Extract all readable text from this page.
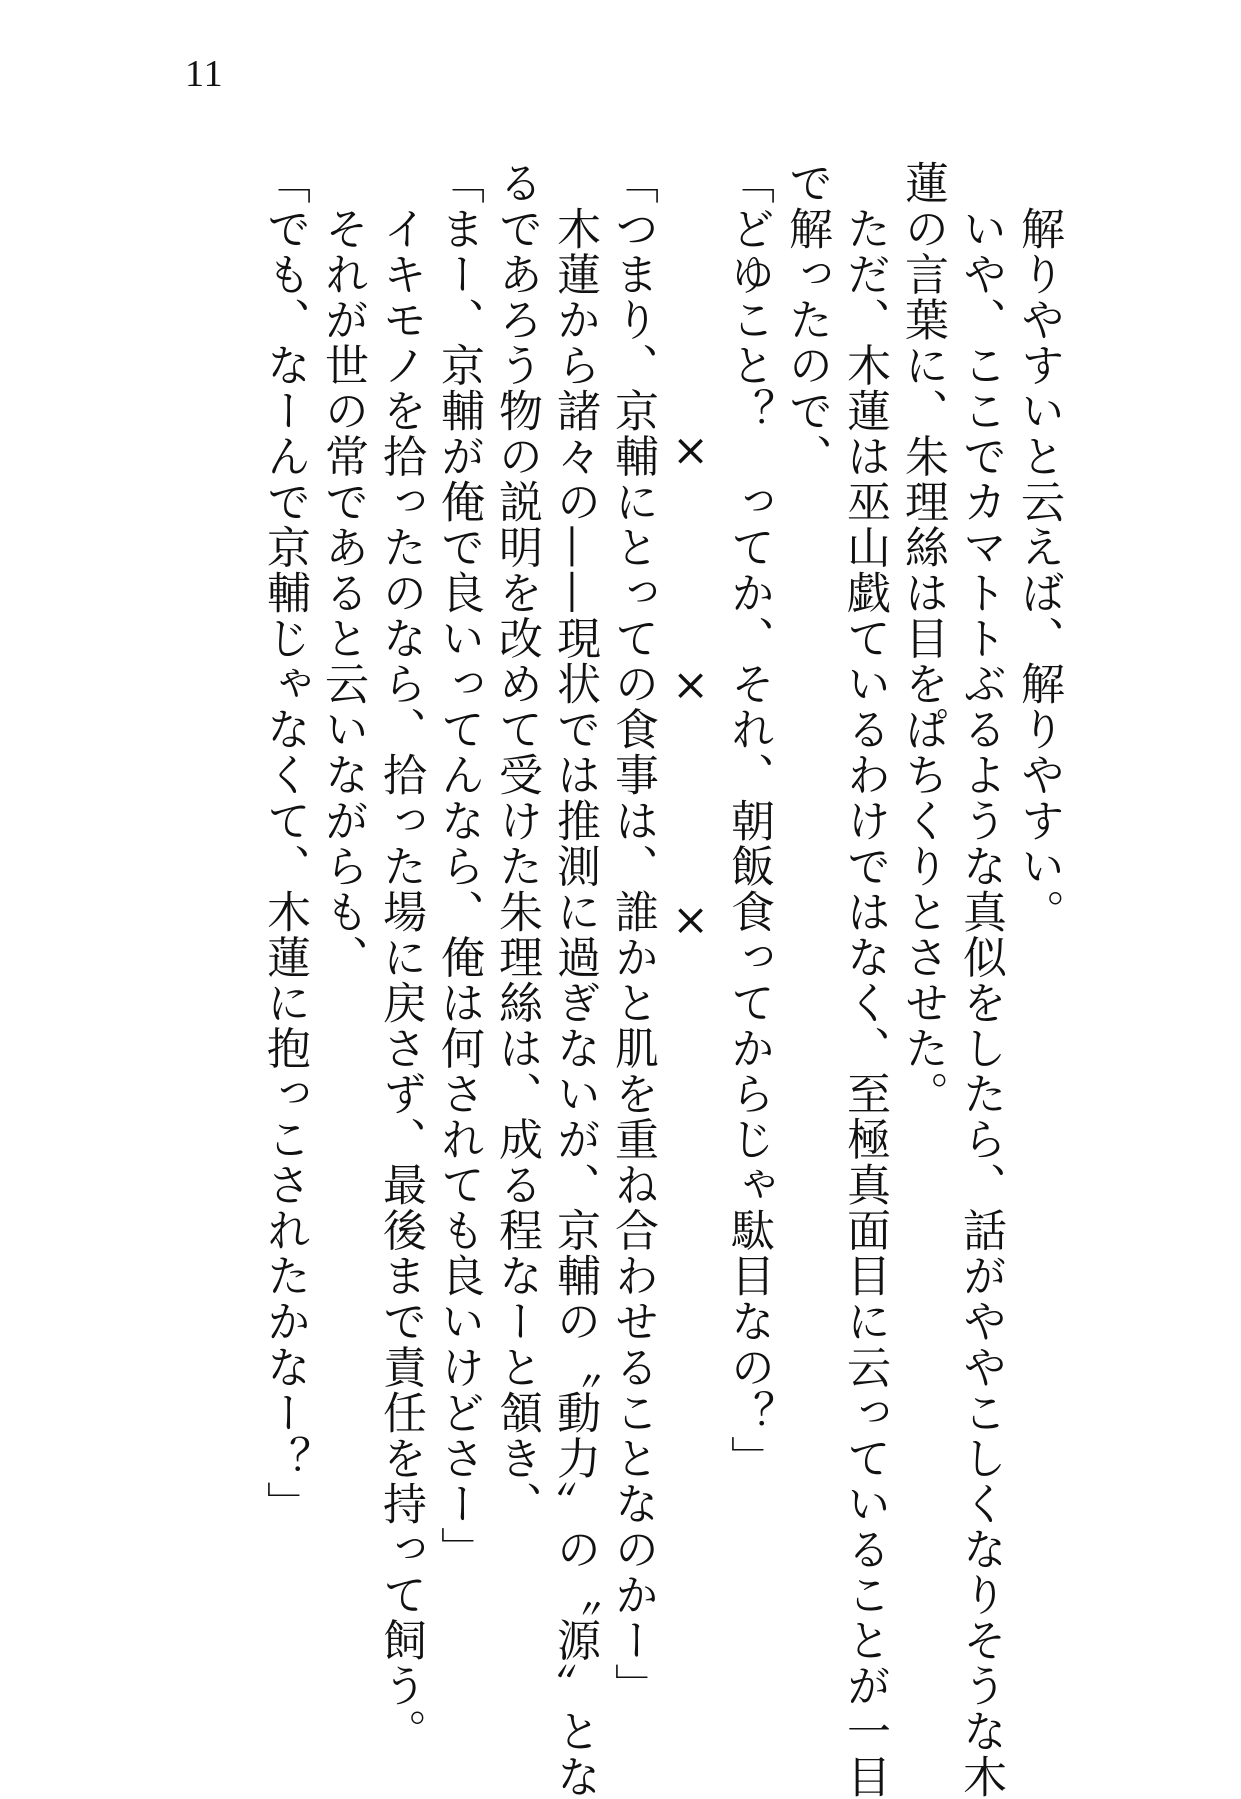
11

　解りやすいと云えば、解りやすい。

　いや、ここでカマトトぶるような真似をしたら、話がややこしくなりそうな木

蓮の言葉に、朱理絲は目をぱちくりとさせた。

　ただ、木蓮は巫山戯ているわけではなく、至極真面目に云っていることが一目

で解ったので、

「どゆこと？　ってか、それ、朝飯食ってからじゃ駄目なの？」

×　　　　×　　　　×

「つまり、京輔にとっての食事は、誰かと肌を重ね合わせることなのかー」

　木蓮から諸々の——現状では推測に過ぎないが、京輔の〝動力〟の〝源〟とな

るであろう物の説明を改めて受けた朱理絲は、成る程なーと頷き、

「まー、京輔が俺で良いってんなら、俺は何されても良いけどさー」

　イキモノを拾ったのなら、拾った場に戻さず、最後まで責任を持って飼う。

　それが世の常であると云いながらも、

「でも、なーんで京輔じゃなくて、木蓮に抱っこされたかなー？」
